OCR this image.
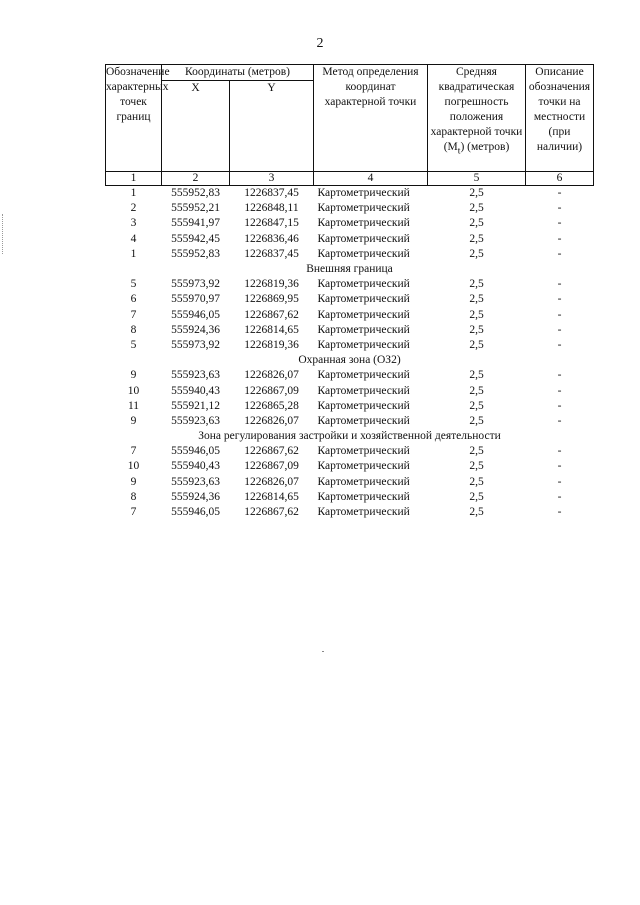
2
Обозначение характерных точек границ	Координаты (метров)		Метод определения координат характерной точки	Средняя квадратическая погрешность положения характерной точки $(M_t)$ (метров)	Описание обозначения точки на местности (при наличии)
	X	Y			
1	2	3	4	5	6
1	555952,83	1226837,45	Картометрический	2,5	-
2	555952,21	1226848,11	Картометрический	2,5	-
3	555941,97	1226847,15	Картометрический	2,5	-
4	555942,45	1226836,46	Картометрический	2,5	-
1	555952,83	1226837,45	Картометрический	2,5	-
Внешняя граница					
5	555973,92	1226819,36	Картометрический	2,5	-
6	555970,97	1226869,95	Картометрический	2,5	-
7	555946,05	1226867,62	Картометрический	2,5	-
8	555924,36	1226814,65	Картометрический	2,5	-
5	555973,92	1226819,36	Картометрический	2,5	-
Охранная зона (ОЗ2)					
9	555923,63	1226826,07	Картометрический	2,5	-
10	555940,43	1226867,09	Картометрический	2,5	-
11	555921,12	1226865,28	Картометрический	2,5	-
9	555923,63	1226826,07	Картометрический	2,5	-
Зона регулирования застройки и хозяйственной деятельности					
7	555946,05	1226867,62	Картометрический	2,5	-
10	555940,43	1226867,09	Картометрический	2,5	-
9	555923,63	1226826,07	Картометрический	2,5	-
8	555924,36	1226814,65	Картометрический	2,5	-
7	555946,05	1226867,62	Картометрический	2,5	-
